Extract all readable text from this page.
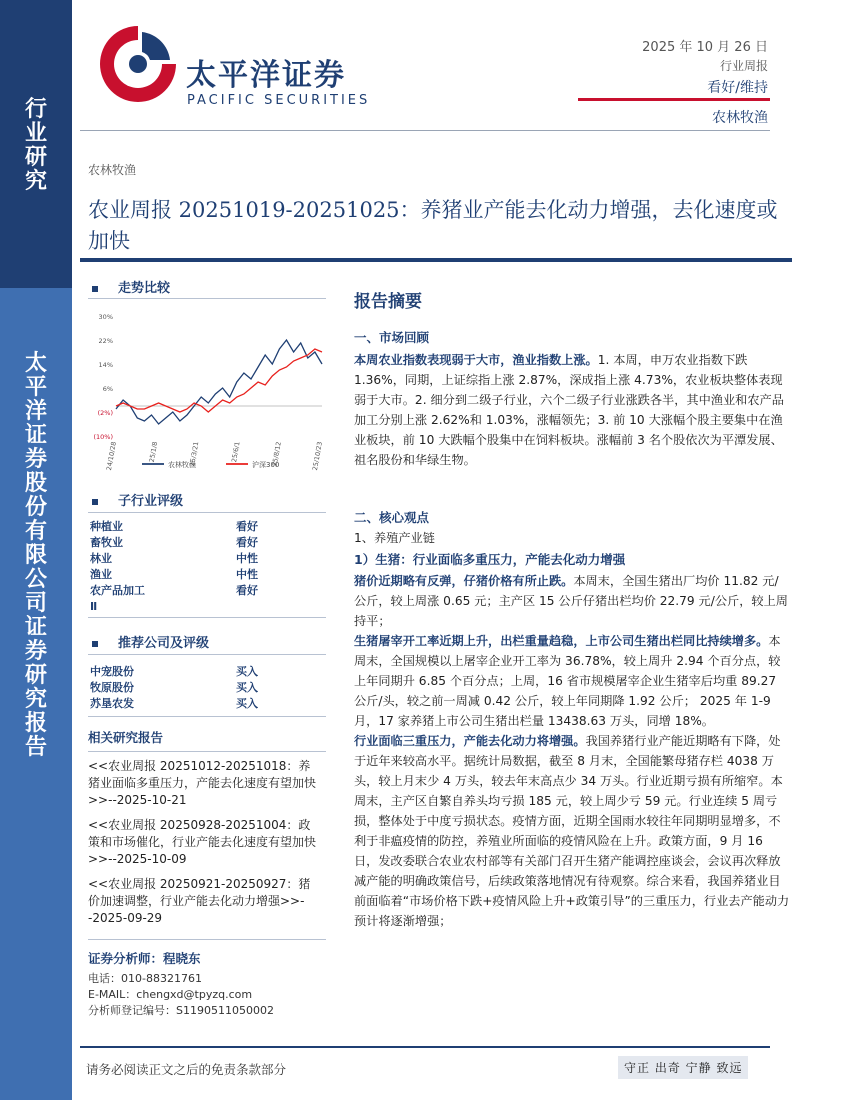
行业研究
太平洋证券股份有限公司证券研究报告
太平洋证券
PACIFIC SECURITIES
2025 年 10 月 26 日
行业周报
看好/维持
农林牧渔
农林牧渔
农业周报 20251019-20251025：养猪业产能去化动力增强，去化速度或加快
走势比较
30%
22%
14%
6%
(2%)
(10%)
24/10/28	25/1/8	25/3/21	25/6/1	25/8/12	25/10/23
农林牧渔	沪深300
子行业评级
种植业	看好
畜牧业	看好
林业	中性
渔业	中性
农产品加工	看好
Ⅱ
推荐公司及评级
中宠股份	买入
牧原股份	买入
苏垦农发	买入
相关研究报告
<<农业周报 20251012-20251018：养猪业面临多重压力，产能去化速度有望加快>>--2025-10-21
<<农业周报 20250928-20251004：政策和市场催化，行业产能去化速度有望加快>>--2025-10-09
<<农业周报 20250921-20250927：猪价加速调整，行业产能去化动力增强>>--2025-09-29
证券分析师：程晓东
电话：010-88321761
E-MAIL：chengxd@tpyzq.com
分析师登记编号：S1190511050002
报告摘要
一、市场回顾

本周农业指数表现弱于大市，渔业指数上涨。1. 本周，申万农业指数下跌 1.36%，同期，上证综指上涨 2.87%，深成指上涨 4.73%，农业板块整体表现弱于大市。2. 细分到二级子行业，六个二级子行业涨跌各半，其中渔业和农产品加工分别上涨 2.62%和 1.03%，涨幅领先；3. 前 10 大涨幅个股主要集中在渔业板块，前 10 大跌幅个股集中在饲料板块。涨幅前 3 名个股依次为平潭发展、祖名股份和华绿生物。

二、核心观点
1、养殖产业链
1）生猪：行业面临多重压力，产能去化动力增强

猪价近期略有反弹，仔猪价格有所止跌。本周末，全国生猪出厂均价 11.82 元/公斤，较上周涨 0.65 元；主产区 15 公斤仔猪出栏均价 22.79 元/公斤，较上周持平；

生猪屠宰开工率近期上升，出栏重量趋稳，上市公司生猪出栏同比持续增多。本周末，全国规模以上屠宰企业开工率为 36.78%，较上周升 2.94 个百分点，较上年同期升 6.85 个百分点；上周，16 省市规模屠宰企业生猪宰后均重 89.27 公斤/头，较之前一周减 0.42 公斤，较上年同期降 1.92 公斤； 2025 年 1-9 月，17 家养猪上市公司生猪出栏量 13438.63 万头，同增 18%。

行业面临三重压力，产能去化动力将增强。我国养猪行业产能近期略有下降，处于近年来较高水平。据统计局数据，截至 8 月末，全国能繁母猪存栏 4038 万头，较上月末少 4 万头，较去年末高点少 34 万头。行业近期亏损有所缩窄。本周末，主产区自繁自养头均亏损 185 元，较上周少亏 59 元。行业连续 5 周亏损，整体处于中度亏损状态。疫情方面，近期全国雨水较往年同期明显增多，不利于非瘟疫情的防控，养殖业所面临的疫情风险在上升。政策方面，9 月 16 日，发改委联合农业农村部等有关部门召开生猪产能调控座谈会，会议再次释放减产能的明确政策信号，后续政策落地情况有待观察。综合来看，我国养猪业目前面临着“市场价格下跌+疫情风险上升+政策引导”的三重压力，行业去产能动力预计将逐渐增强；

请务必阅读正文之后的免责条款部分	守正 出奇 宁静 致远
